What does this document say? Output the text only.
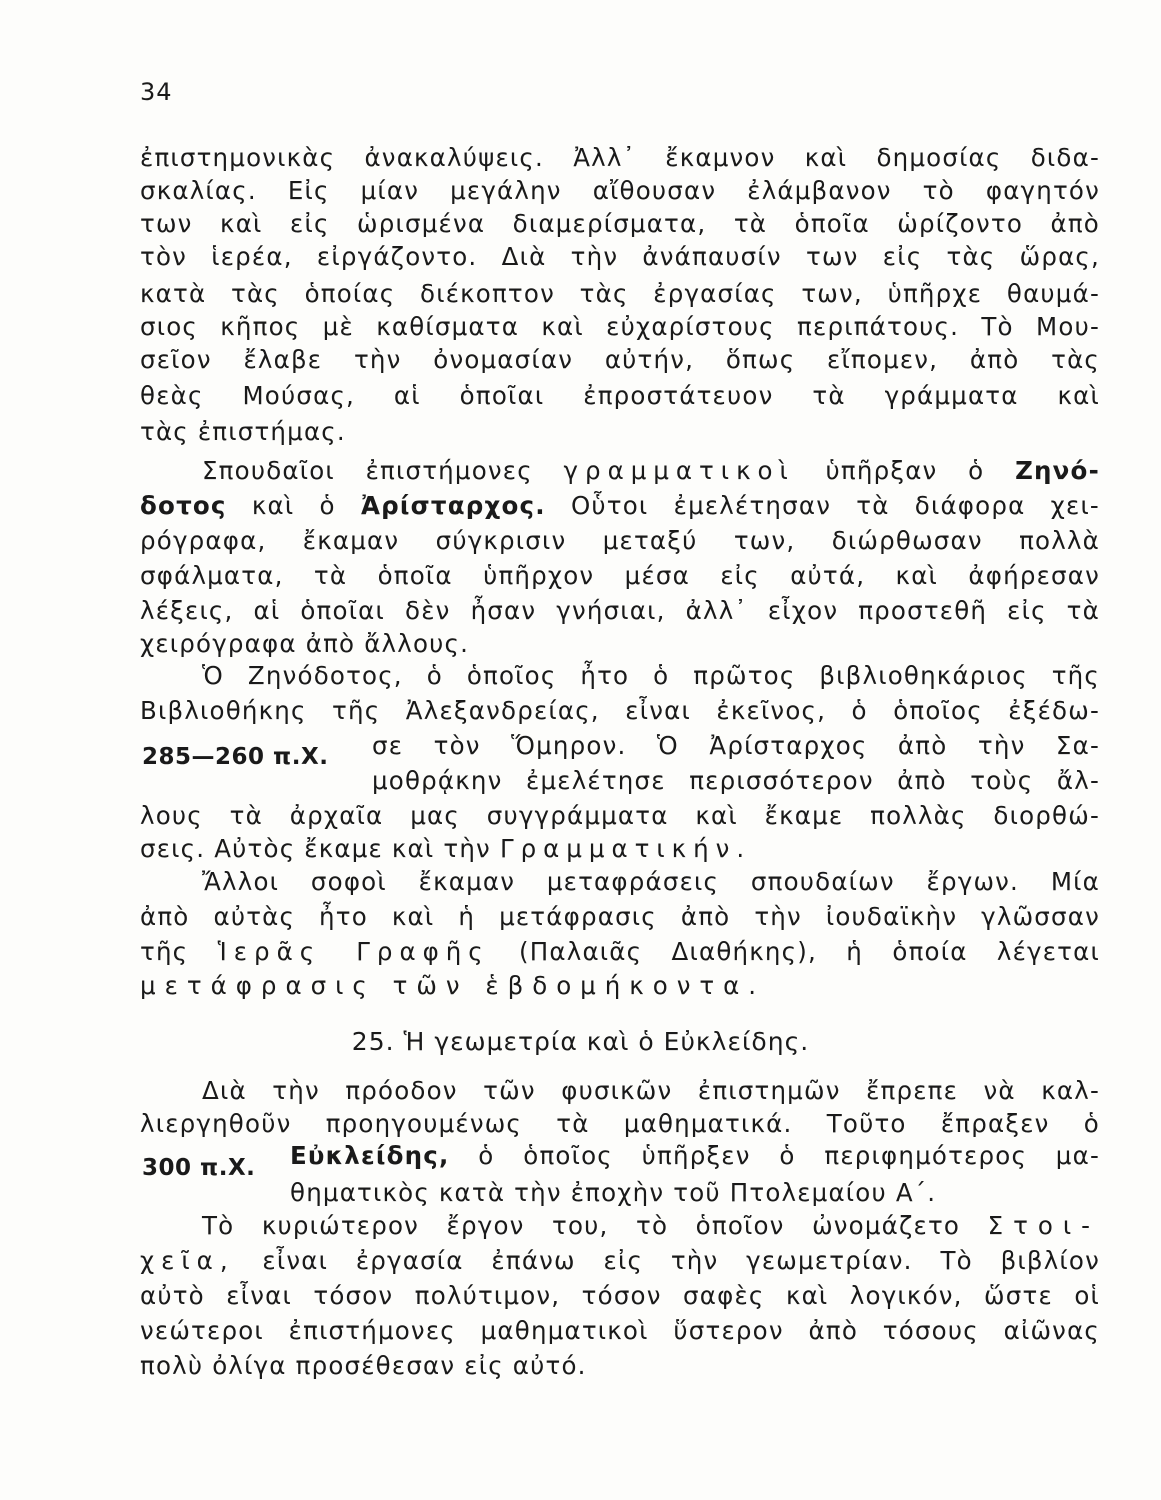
34
ἐπιστημονικὰς ἀνακαλύψεις. Ἀλλ᾽ ἔκαμνον καὶ δημοσίας διδα-
σκαλίας. Εἰς μίαν μεγάλην αἴθουσαν ἐλάμβανον τὸ φαγητόν
των καὶ εἰς ὡρισμένα διαμερίσματα, τὰ ὁποῖα ὡρίζοντο ἀπὸ
τὸν ἱερέα, εἰργάζοντο. Διὰ τὴν ἀνάπαυσίν των εἰς τὰς ὥρας,
κατὰ τὰς ὁποίας διέκοπτον τὰς ἐργασίας των, ὑπῆρχε θαυμά-
σιος κῆπος μὲ καθίσματα καὶ εὐχαρίστους περιπάτους. Τὸ Μου-
σεῖον ἔλαβε τὴν ὀνομασίαν αὐτήν, ὅπως εἴπομεν, ἀπὸ τὰς
θεὰς Μούσας, αἱ ὁποῖαι ἐπροστάτευον τὰ γράμματα καὶ
τὰς ἐπιστήμας.
Σπουδαῖοι ἐπιστήμονες γραμματικοὶ ὑπῆρξαν ὁ Ζηνό-
δοτος καὶ ὁ Ἀρίσταρχος. Οὗτοι ἐμελέτησαν τὰ διάφορα χει-
ρόγραφα, ἔκαμαν σύγκρισιν μεταξύ των, διώρθωσαν πολλὰ
σφάλματα, τὰ ὁποῖα ὑπῆρχον μέσα εἰς αὐτά, καὶ ἀφήρεσαν
λέξεις, αἱ ὁποῖαι δὲν ἦσαν γνήσιαι, ἀλλ᾽ εἶχον προστεθῆ εἰς τὰ
χειρόγραφα ἀπὸ ἄλλους.
Ὁ Ζηνόδοτος, ὁ ὁποῖος ἦτο ὁ πρῶτος βιβλιοθηκάριος τῆς
Βιβλιοθήκης τῆς Ἀλεξανδρείας, εἶναι ἐκεῖνος, ὁ ὁποῖος ἐξέδω-
285—260 π.Χ. σε τὸν Ὅμηρον. Ὁ Ἀρίσταρχος ἀπὸ τὴν Σα-
μοθρᾴκην ἐμελέτησε περισσότερον ἀπὸ τοὺς ἄλ-
λους τὰ ἀρχαῖα μας συγγράμματα καὶ ἔκαμε πολλὰς διορθώ-
σεις. Αὐτὸς ἔκαμε καὶ τὴν Γραμματικήν.
Ἄλλοι σοφοὶ ἔκαμαν μεταφράσεις σπουδαίων ἔργων. Μία
ἀπὸ αὐτὰς ἦτο καὶ ἡ μετάφρασις ἀπὸ τὴν ἰουδαϊκὴν γλῶσσαν
τῆς Ἱερᾶς Γραφῆς (Παλαιᾶς Διαθήκης), ἡ ὁποία λέγεται
μετάφρασις τῶν ἑβδομήκοντα.
25. Ἡ γεωμετρία καὶ ὁ Εὐκλείδης.
Διὰ τὴν πρόοδον τῶν φυσικῶν ἐπιστημῶν ἔπρεπε νὰ καλ-
λιεργηθοῦν προηγουμένως τὰ μαθηματικά. Τοῦτο ἔπραξεν ὁ
300 π.Χ. Εὐκλείδης, ὁ ὁποῖος ὑπῆρξεν ὁ περιφημότερος μα-
θηματικὸς κατὰ τὴν ἐποχὴν τοῦ Πτολεμαίου Α΄.
Τὸ κυριώτερον ἔργον του, τὸ ὁποῖον ὠνομάζετο Στοι-
χεῖα, εἶναι ἐργασία ἐπάνω εἰς τὴν γεωμετρίαν. Τὸ βιβλίον
αὐτὸ εἶναι τόσον πολύτιμον, τόσον σαφὲς καὶ λογικόν, ὥστε οἱ
νεώτεροι ἐπιστήμονες μαθηματικοὶ ὕστερον ἀπὸ τόσους αἰῶνας
πολὺ ὀλίγα προσέθεσαν εἰς αὐτό.
